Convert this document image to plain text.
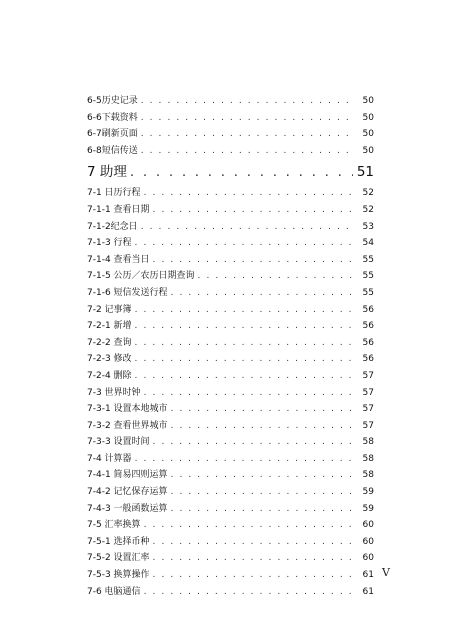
6-5历史记录 . . .	50
6-6下载资料 . . .	50
6-7刷新页面 . . .	50
6-8短信传送 . . .	50
7 助理 . . .	51
7-1 日历行程 . . .	52
7-1-1 查看日期 . . .	52
7-1-2纪念日 . . .	53
7-1-3 行程 . . .	54
7-1-4 查看当日 . . .	55
7-1-5 公历／农历日期查询 . . .	55
7-1-6 短信发送行程 . . .	55
7-2 记事簿 . . .	56
7-2-1 新增 . . .	56
7-2-2 查询 . . .	56
7-2-3 修改 . . .	56
7-2-4 删除 . . .	57
7-3 世界时钟 . . .	57
7-3-1 设置本地城市 . . .	57
7-3-2 查看世界城市 . . .	57
7-3-3 设置时间 . . .	58
7-4 计算器 . . .	58
7-4-1 简易四则运算 . . .	58
7-4-2 记忆保存运算 . . .	59
7-4-3 一般函数运算 . . .	59
7-5 汇率换算 . . .	60
7-5-1 选择币种 . . .	60
7-5-2 设置汇率 . . .	60
7-5-3 换算操作 . . .	61
7-6 电脑通信 . . .	61
V
